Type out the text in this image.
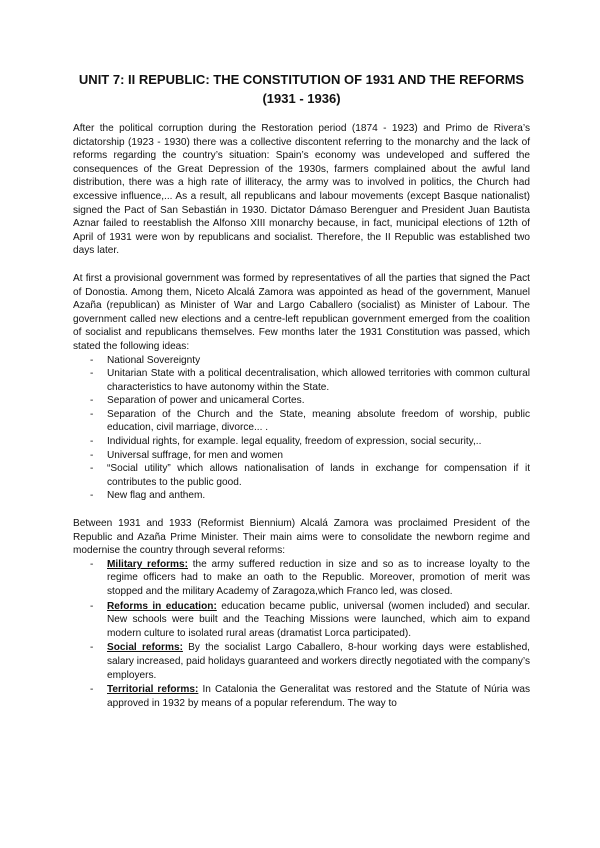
UNIT 7: II REPUBLIC: THE CONSTITUTION OF 1931 AND THE REFORMS
(1931 - 1936)

After the political corruption during the Restoration period (1874 - 1923) and Primo de Rivera’s dictatorship (1923 - 1930) there was a collective discontent referring to the monarchy and the lack of reforms regarding the country’s situation: Spain’s economy was undeveloped and suffered the consequences of the Great Depression of the 1930s, farmers complained about the awful land distribution, there was a high rate of illiteracy, the army was to involved in politics, the Church had excessive influence,... As a result, all republicans and labour movements (except Basque nationalist) signed the Pact of San Sebastián in 1930. Dictator Dámaso Berenguer and President Juan Bautista Aznar failed to reestablish the Alfonso XIII monarchy because, in fact, municipal elections of 12th of April of 1931 were won by republicans and socialist. Therefore, the II Republic was established two days later.

At first a provisional government was formed by representatives of all the parties that signed the Pact of Donostia. Among them, Niceto Alcalá Zamora was appointed as head of the government, Manuel Azaña (republican) as Minister of War and Largo Caballero (socialist) as Minister of Labour. The government called new elections and a centre-left republican government emerged from the coalition of socialist and republicans themselves. Few months later the 1931 Constitution was passed, which stated the following ideas:

- National Sovereignty
- Unitarian State with a political decentralisation, which allowed territories with common cultural characteristics to have autonomy within the State.
- Separation of power and unicameral Cortes.
- Separation of the Church and the State, meaning absolute freedom of worship, public education, civil marriage, divorce... .
- Individual rights, for example. legal equality, freedom of expression, social security,..
- Universal suffrage, for men and women
- “Social utility” which allows nationalisation of lands in exchange for compensation if it contributes to the public good.
- New flag and anthem.

Between 1931 and 1933 (Reformist Biennium) Alcalá Zamora was proclaimed President of the Republic and Azaña Prime Minister. Their main aims were to consolidate the newborn regime and modernise the country through several reforms:

- Military reforms: the army suffered reduction in size and so as to increase loyalty to the regime officers had to make an oath to the Republic. Moreover, promotion of merit was stopped and the military Academy of Zaragoza,which Franco led, was closed.
- Reforms in education: education became public, universal (women included) and secular. New schools were built and the Teaching Missions were launched, which aim to expand modern culture to isolated rural areas (dramatist Lorca participated).
- Social reforms: By the socialist Largo Caballero, 8-hour working days were established, salary increased, paid holidays guaranteed and workers directly negotiated with the company’s employers.
- Territorial reforms: In Catalonia the Generalitat was restored and the Statute of Núria was approved in 1932 by means of a popular referendum. The way to
